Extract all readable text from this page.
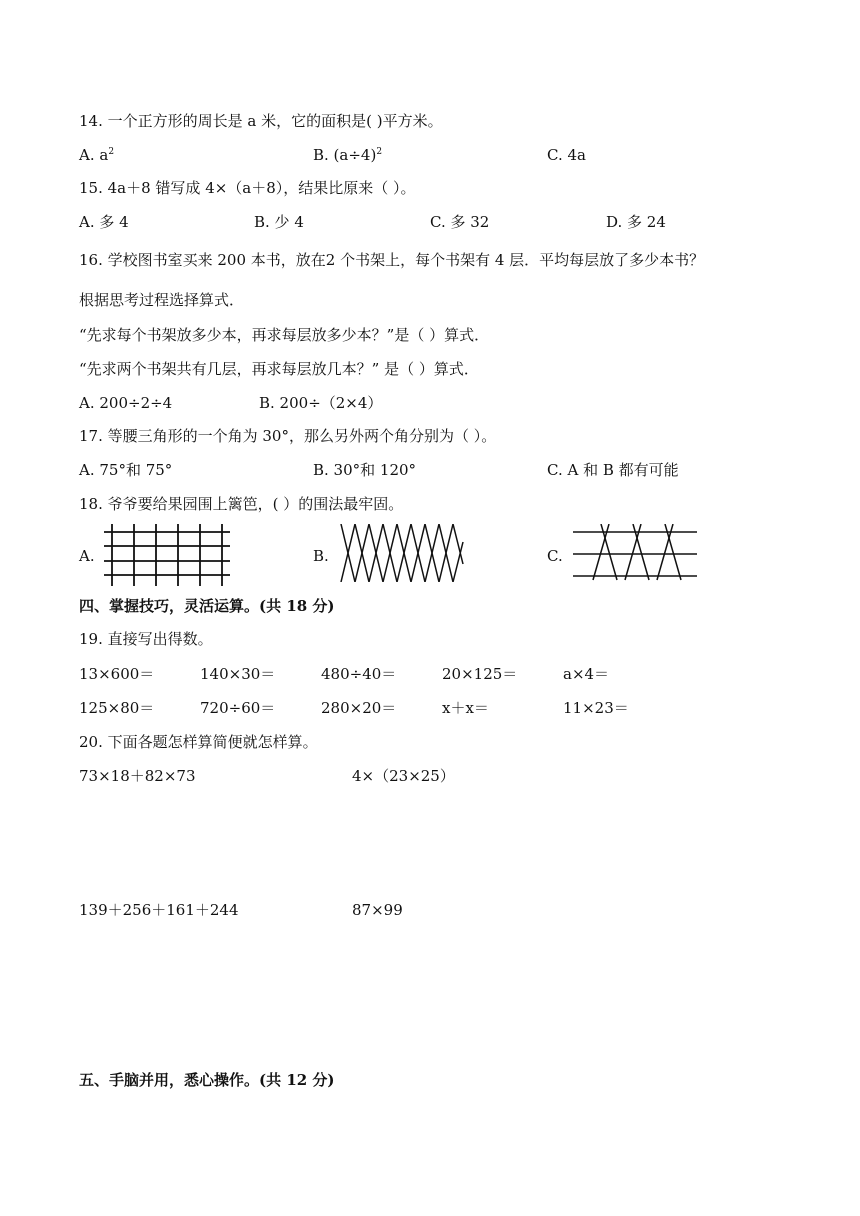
14. 一个正方形的周长是 a 米，它的面积是( )平方米。
A. $a^2$	B. $(a\div 4)^2$	C. 4a
15. 4a＋8 错写成 4×（a＋8），结果比原来（ ）。
A. 多 4	B. 少 4	C. 多 32	D. 多 24
16. 学校图书室买来 200 本书，放在2 个书架上，每个书架有 4 层．平均每层放了多少本书？
根据思考过程选择算式．
“先求每个书架放多少本，再求每层放多少本？”是（ ）算式．
“先求两个书架共有几层，再求每层放几本？” 是（ ）算式．
A. 200÷2÷4	B. 200÷（2×4）
17. 等腰三角形的一个角为 30°，那么另外两个角分别为（ ）。
A. 75°和 75°	B. 30°和 120°	C. A 和 B 都有可能
18. 爷爷要给果园围上篱笆，( ）的围法最牢固。
A.	B.	C.
四、掌握技巧，灵活运算。(共 18 分)
19. 直接写出得数。
13×600＝	140×30＝	480÷40＝	20×125＝	a×4＝
125×80＝	720÷60＝	280×20＝	x＋x＝	11×23＝
20. 下面各题怎样算简便就怎样算。
73×18＋82×73	4×（23×25）
139＋256＋161＋244	87×99
五、手脑并用，悉心操作。(共 12 分)
